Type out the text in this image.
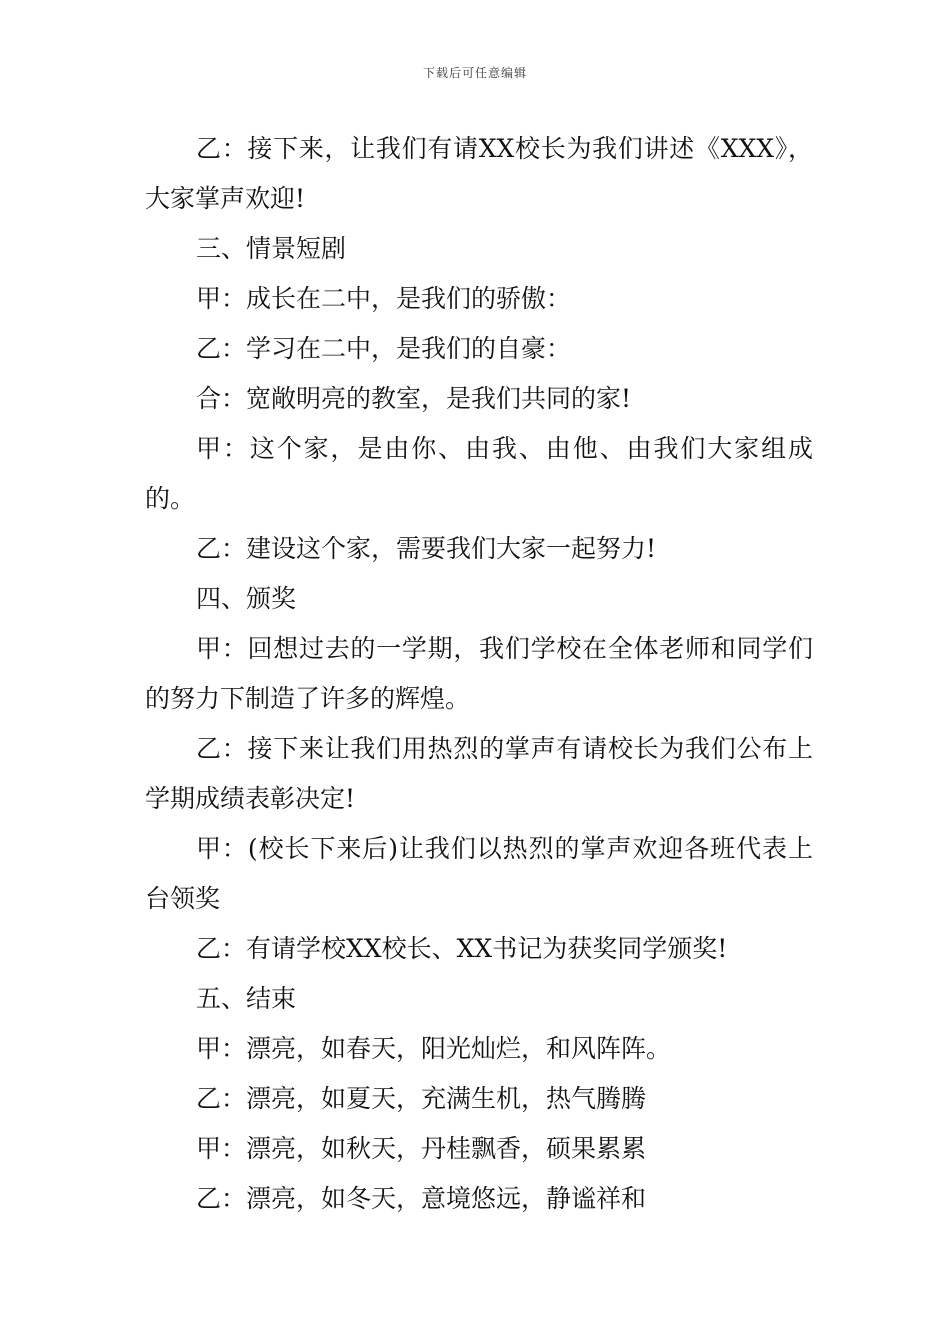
下载后可任意编辑

乙：接下来，让我们有请XX校长为我们讲述《XXX》，大家掌声欢迎!

三、情景短剧

甲：成长在二中，是我们的骄傲：

乙：学习在二中，是我们的自豪：

合：宽敞明亮的教室，是我们共同的家!

甲：这个家，是由你、由我、由他、由我们大家组成的。

乙：建设这个家，需要我们大家一起努力!

四、颁奖

甲：回想过去的一学期，我们学校在全体老师和同学们的努力下制造了许多的辉煌。

乙：接下来让我们用热烈的掌声有请校长为我们公布上学期成绩表彰决定!

甲：(校长下来后)让我们以热烈的掌声欢迎各班代表上台领奖

乙：有请学校XX校长、XX书记为获奖同学颁奖!

五、结束

甲：漂亮，如春天，阳光灿烂，和风阵阵。

乙：漂亮，如夏天，充满生机，热气腾腾

甲：漂亮，如秋天，丹桂飘香，硕果累累

乙：漂亮，如冬天，意境悠远，静谧祥和
